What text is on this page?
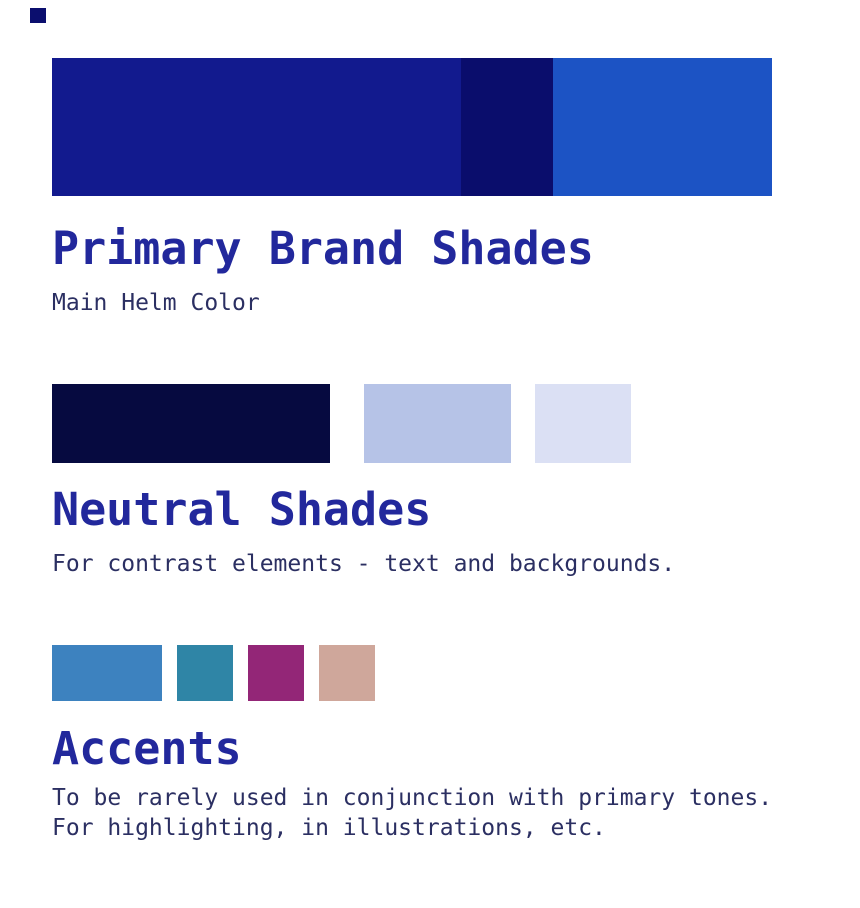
Primary Brand Shades
Main Helm Color
Neutral Shades
For contrast elements - text and backgrounds.
Accents
To be rarely used in conjunction with primary tones.
For highlighting, in illustrations, etc.
